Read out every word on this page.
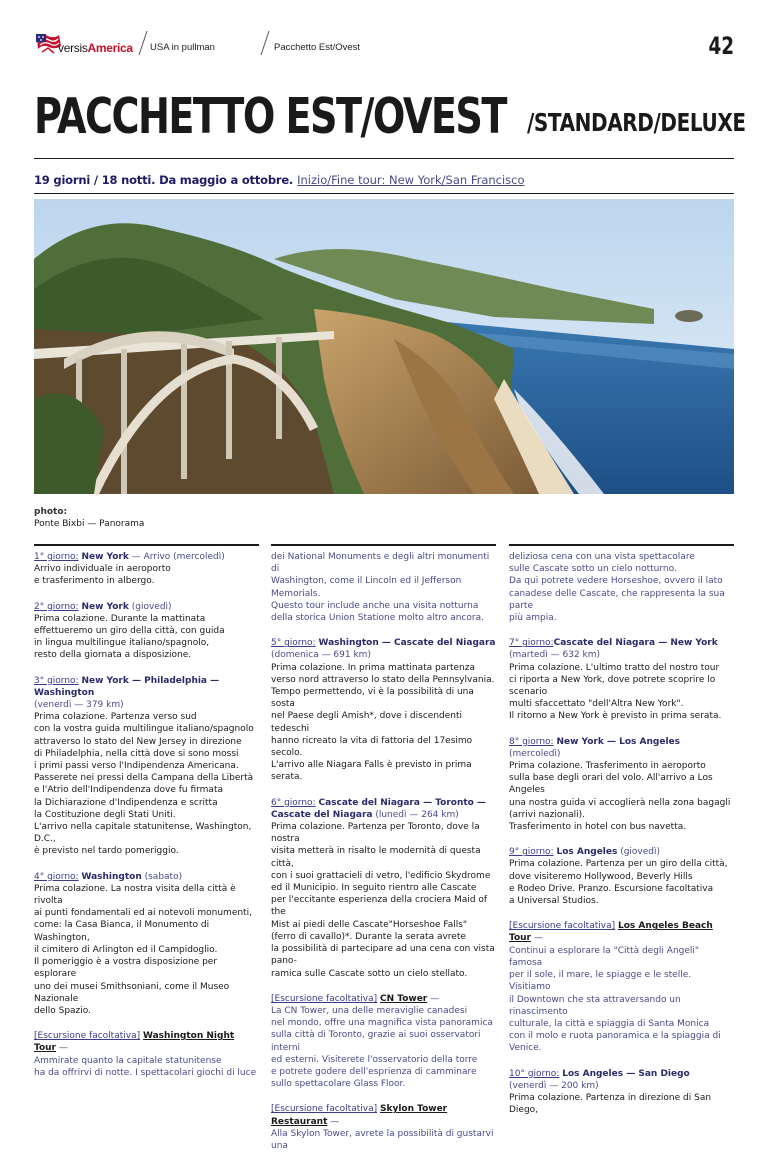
versisAmerica USA in pullman	Pacchetto Est/Ovest	42
PACCHETTO EST/OVEST /STANDARD/DELUXE
19 giorni / 18 notti. Da maggio a ottobre. Inizio/Fine tour: New York/San Francisco
photo:
Ponte Bixbi — Panorama
1° giorno: New York — Arrivo (mercoledì)

Arrivo individuale in aeroporto

e trasferimento in albergo.

2° giorno: New York (giovedì)

Prima colazione. Durante la mattinata

effettueremo un giro della città, con guida

in lingua multilingue italiano/spagnolo,

resto della giornata a disposizione.

3° giorno: New York — Philadelphia — Washington
(venerdì — 379 km)

Prima colazione. Partenza verso sud

con la vostra guida multilingue italiano/spagnolo

attraverso lo stato del New Jersey in direzione

di Philadelphia, nella città dove si sono mossi

i primi passi verso l'Indipendenza Americana.

Passerete nei pressi della Campana della Libertà

e l'Atrio dell'Indipendenza dove fu firmata

la Dichiarazione d'Indipendenza e scritta

la Costituzione degli Stati Uniti.

L'arrivo nella capitale statunitense, Washington, D.C.,

è previsto nel tardo pomeriggio.

4° giorno: Washington (sabato)

Prima colazione. La nostra visita della città è rivolta

ai punti fondamentali ed ai notevoli monumenti,

come: la Casa Bianca, il Monumento di Washington,

il cimitero di Arlington ed il Campidoglio.

Il pomeriggio è a vostra disposizione per esplorare

uno dei musei Smithsoniani, come il Museo Nazionale

dello Spazio.

[Escursione facoltativa] Washington Night Tour —

Ammirate quanto la capitale statunitense

ha da offrirvi di notte. I spettacolari giochi di luce

dei National Monuments e degli altri monumenti di

Washington, come il Lincoln ed il Jefferson Memorials.

Questo tour include anche una visita notturna

della storica Union Statione molto altro ancora.

5° giorno: Washington — Cascate del Niagara
(domenica — 691 km)

Prima colazione. In prima mattinata partenza

verso nord attraverso lo stato della Pennsylvania.

Tempo permettendo, vi è la possibilità di una sosta

nel Paese degli Amish*, dove i discendenti tedeschi

hanno ricreato la vita di fattoria del 17esimo secolo.

L'arrivo alle Niagara Falls è previsto in prima serata.

6° giorno: Cascate del Niagara — Toronto —
Cascate del Niagara (lunedì — 264 km)

Prima colazione. Partenza per Toronto, dove la nostra

visita metterà in risalto le modernità di questa città,

con i suoi grattacieli di vetro, l'edificio Skydrome

ed il Municipio. In seguito rientro alle Cascate

per l'eccitante esperienza della crociera Maid of the

Mist ai piedi delle Cascate"Horseshoe Falls"

(ferro di cavallo)*. Durante la serata avrete

la possibilità di partecipare ad una cena con vista pano-

ramica sulle Cascate sotto un cielo stellato.

[Escursione facoltativa] CN Tower —

La CN Tower, una delle meraviglie canadesi

nel mondo, offre una magnifica vista panoramica

sulla città di Toronto, grazie ai suoi osservatori interni

ed esterni. Visiterete l'osservatorio della torre

e potrete godere dell'esprienza di camminare

sullo spettacolare Glass Floor.

[Escursione facoltativa] Skylon Tower Restaurant —

Alla Skylon Tower, avrete la possibilità di gustarvi una

deliziosa cena con una vista spettacolare

sulle Cascate sotto un cielo notturno.

Da qui potrete vedere Horseshoe, ovvero il lato

canadese delle Cascate, che rappresenta la sua parte

più ampia.

7° giorno:Cascate del Niagara — New York
(martedì — 632 km)

Prima colazione. L'ultimo tratto del nostro tour

ci riporta a New York, dove potrete scoprire lo scenario

multi sfaccettato "dell'Altra New York".

Il ritorno a New York è previsto in prima serata.

8° giorno: New York — Los Angeles (mercoledì)

Prima colazione. Trasferimento in aeroporto

sulla base degli orari del volo. All'arrivo a Los Angeles

una nostra guida vi accoglierà nella zona bagagli

(arrivi nazionali).

Trasferimento in hotel con bus navetta.

9° giorno: Los Angeles (giovedì)

Prima colazione. Partenza per un giro della città,

dove visiteremo Hollywood, Beverly Hills

e Rodeo Drive. Pranzo. Escursione facoltativa

a Universal Studios.

[Escursione facoltativa] Los Angeles Beach Tour —

Continui a esplorare la "Città degli Angeli" famosa

per il sole, il mare, le spiagge e le stelle. Visitiamo

il Downtown che sta attraversando un rinascimento

culturale, la città e spiaggia di Santa Monica

con il molo e ruota panoramica e la spiaggia di Venice.

10° giorno: Los Angeles — San Diego
(venerdì — 200 km)

Prima colazione. Partenza in direzione di San Diego,
